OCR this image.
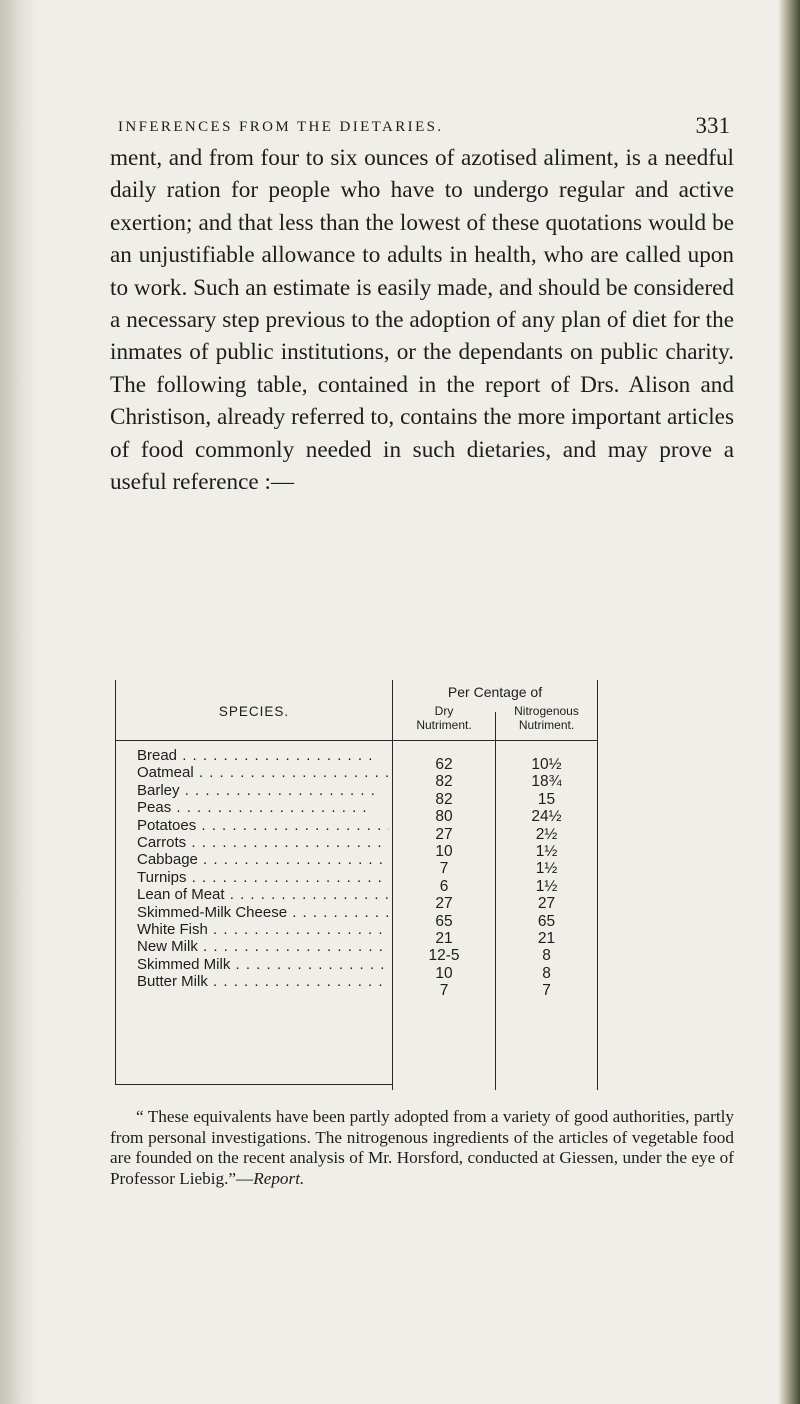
INFERENCES FROM THE DIETARIES.	331

ment, and from four to six ounces of azotised aliment, is a needful daily ration for people who have to undergo regular and active exertion; and that less than the lowest of these quotations would be an unjustifiable allowance to adults in health, who are called upon to work. Such an estimate is easily made, and should be considered a necessary step previous to the adoption of any plan of diet for the inmates of public institutions, or the dependants on public charity. The following table, contained in the report of Drs. Alison and Christison, already referred to, contains the more important articles of food commonly needed in such dietaries, and may prove a useful reference :—

SPECIES.
Per Centage of
Dry
Nutriment.
Nitrogenous
Nutriment.
Bread . .
Oatmeal . .
Barley . .
Peas . .
Potatoes . .
Carrots . .
Cabbage . .
Turnips . .
Lean of Meat . .
Skimmed-Milk Cheese . .
White Fish . .
New Milk . .
Skimmed Milk . .
Butter Milk . .
62
82
82
80
27
10
7
6
27
65
21
12-5
10
7
10½
18¾
15
24½
2½
1½
1½
1½
27
65
21
8
8
7

“ These equivalents have been partly adopted from a variety of good authorities, partly from personal investigations. The nitrogenous ingredients of the articles of vegetable food are founded on the recent analysis of Mr. Horsford, conducted at Giessen, under the eye of Professor Liebig.”—Report.
